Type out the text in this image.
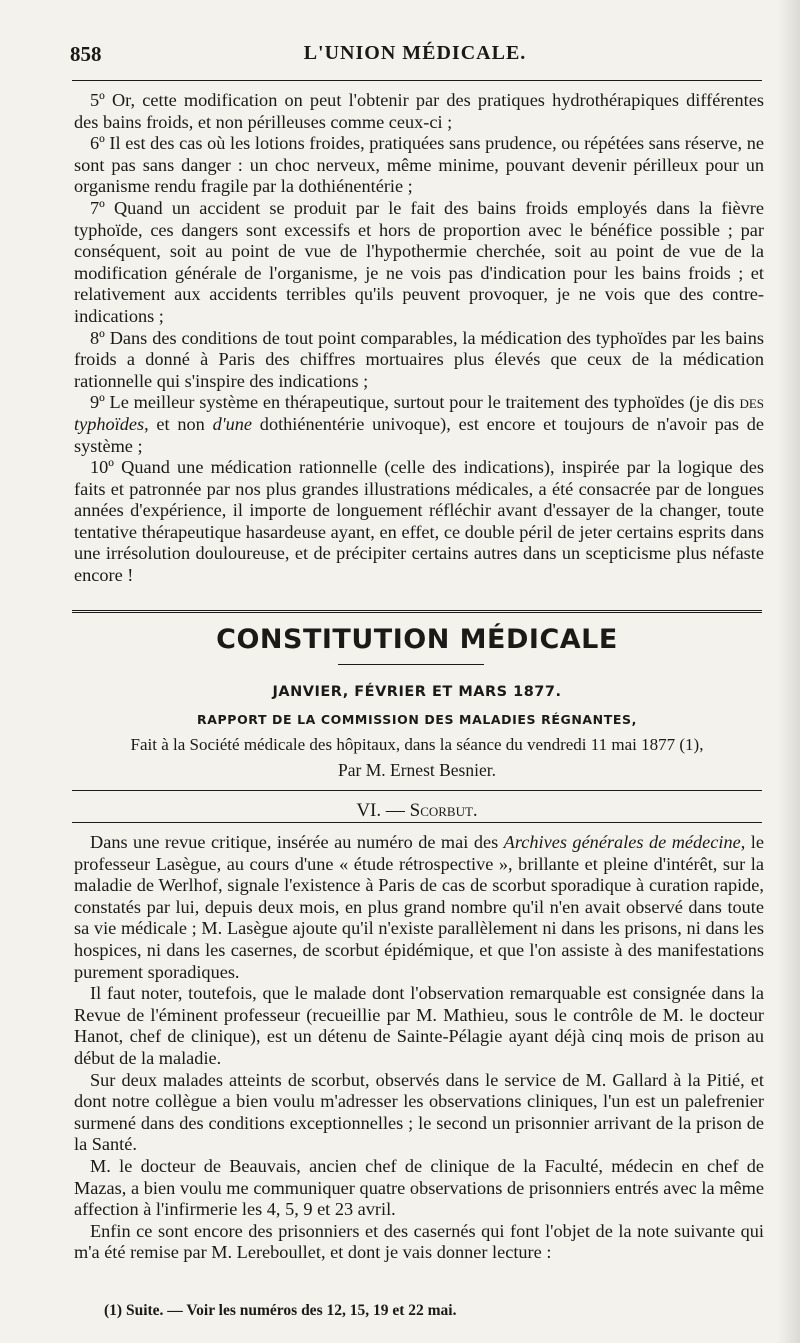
858	L'UNION MÉDICALE.

5º Or, cette modification on peut l'obtenir par des pratiques hydrothérapiques différentes des bains froids, et non périlleuses comme ceux-ci ;

6º Il est des cas où les lotions froides, pratiquées sans prudence, ou répétées sans réserve, ne sont pas sans danger : un choc nerveux, même minime, pouvant devenir périlleux pour un organisme rendu fragile par la dothiénentérie ;

7º Quand un accident se produit par le fait des bains froids employés dans la fièvre typhoïde, ces dangers sont excessifs et hors de proportion avec le bénéfice possible ; par conséquent, soit au point de vue de l'hypothermie cherchée, soit au point de vue de la modification générale de l'organisme, je ne vois pas d'indication pour les bains froids ; et relativement aux accidents terribles qu'ils peuvent provoquer, je ne vois que des contre-indications ;

8º Dans des conditions de tout point comparables, la médication des typhoïdes par les bains froids a donné à Paris des chiffres mortuaires plus élevés que ceux de la médication rationnelle qui s'inspire des indications ;

9º Le meilleur système en thérapeutique, surtout pour le traitement des typhoïdes (je dis des typhoïdes, et non d'une dothiénentérie univoque), est encore et toujours de n'avoir pas de système ;

10º Quand une médication rationnelle (celle des indications), inspirée par la logique des faits et patronnée par nos plus grandes illustrations médicales, a été consacrée par de longues années d'expérience, il importe de longuement réfléchir avant d'essayer de la changer, toute tentative thérapeutique hasardeuse ayant, en effet, ce double péril de jeter certains esprits dans une irrésolution douloureuse, et de précipiter certains autres dans un scepticisme plus néfaste encore !

CONSTITUTION MÉDICALE
JANVIER, FÉVRIER ET MARS 1877.
RAPPORT DE LA COMMISSION DES MALADIES RÉGNANTES,
Fait à la Société médicale des hôpitaux, dans la séance du vendredi 11 mai 1877 (1),
Par M. Ernest Besnier.
VI. — Scorbut.

Dans une revue critique, insérée au numéro de mai des Archives générales de médecine, le professeur Lasègue, au cours d'une « étude rétrospective », brillante et pleine d'intérêt, sur la maladie de Werlhof, signale l'existence à Paris de cas de scorbut sporadique à curation rapide, constatés par lui, depuis deux mois, en plus grand nombre qu'il n'en avait observé dans toute sa vie médicale ; M. Lasègue ajoute qu'il n'existe parallèlement ni dans les prisons, ni dans les hospices, ni dans les casernes, de scorbut épidémique, et que l'on assiste à des manifestations purement sporadiques.

Il faut noter, toutefois, que le malade dont l'observation remarquable est consignée dans la Revue de l'éminent professeur (recueillie par M. Mathieu, sous le contrôle de M. le docteur Hanot, chef de clinique), est un détenu de Sainte-Pélagie ayant déjà cinq mois de prison au début de la maladie.

Sur deux malades atteints de scorbut, observés dans le service de M. Gallard à la Pitié, et dont notre collègue a bien voulu m'adresser les observations cliniques, l'un est un palefrenier surmené dans des conditions exceptionnelles ; le second un prisonnier arrivant de la prison de la Santé.

M. le docteur de Beauvais, ancien chef de clinique de la Faculté, médecin en chef de Mazas, a bien voulu me communiquer quatre observations de prisonniers entrés avec la même affection à l'infirmerie les 4, 5, 9 et 23 avril.

Enfin ce sont encore des prisonniers et des casernés qui font l'objet de la note suivante qui m'a été remise par M. Lereboullet, et dont je vais donner lecture :

(1) Suite. — Voir les numéros des 12, 15, 19 et 22 mai.
